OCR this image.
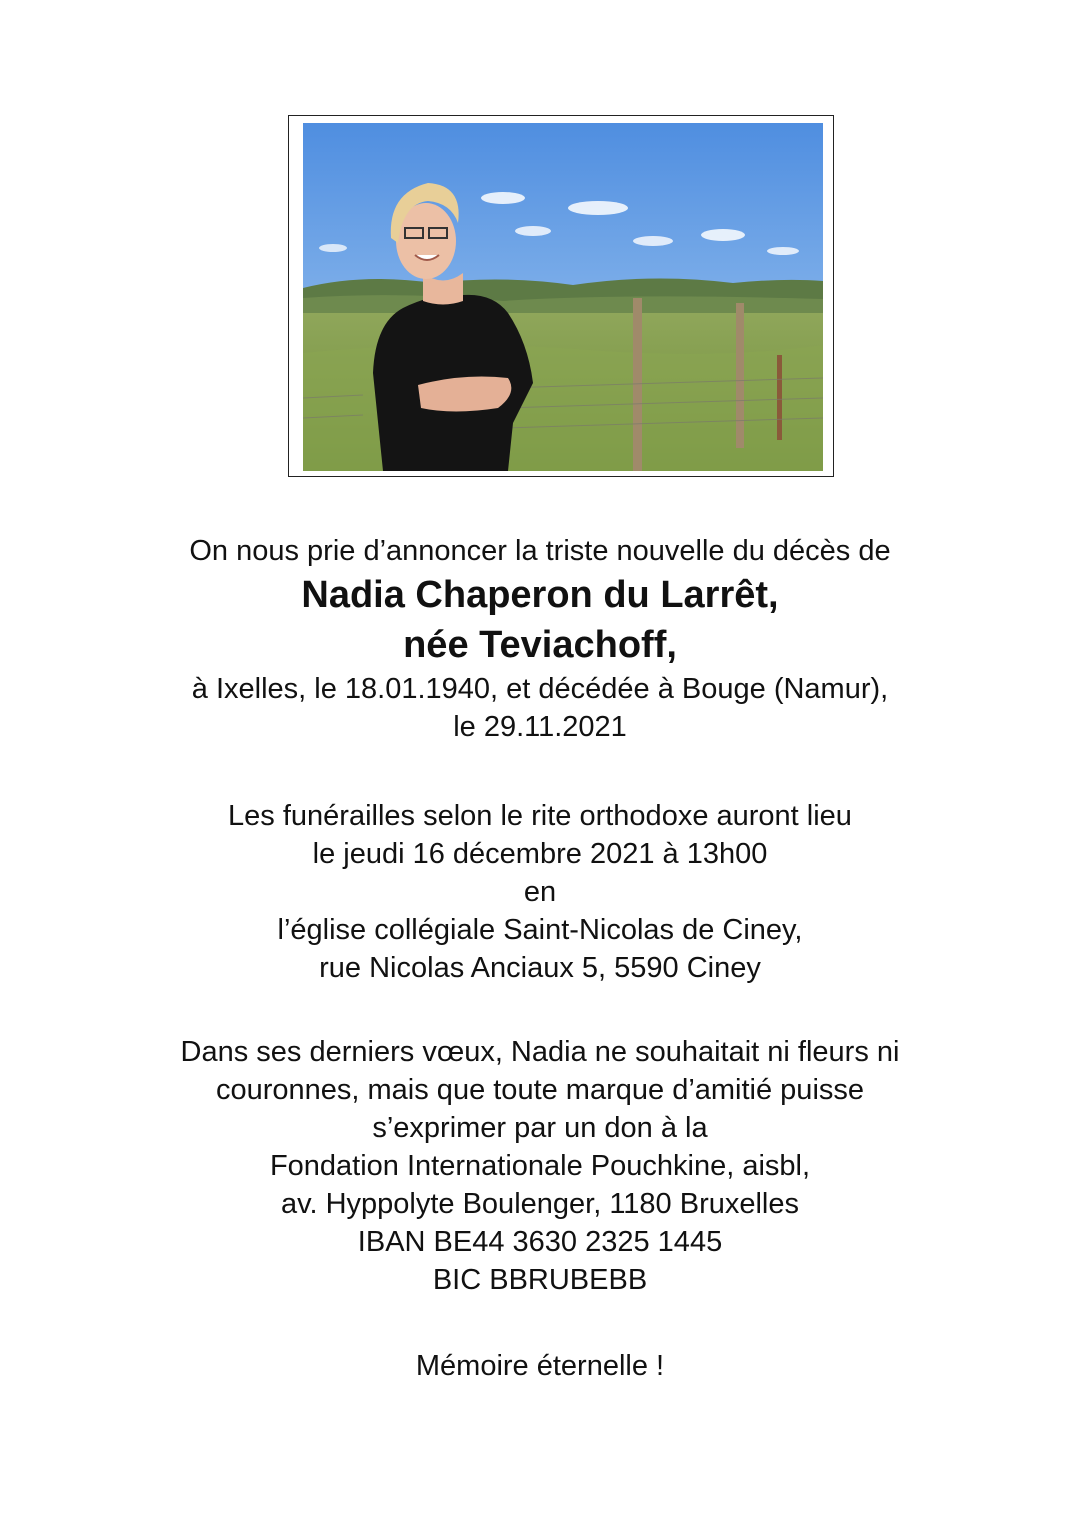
On nous prie d’annoncer la triste nouvelle du décès de
Nadia Chaperon du Larrêt,
née Teviachoff,
à Ixelles, le 18.01.1940, et décédée à Bouge (Namur),
le 29.11.2021
Les funérailles selon le rite orthodoxe auront lieu
le jeudi 16 décembre 2021 à 13h00
en
l’église collégiale Saint-Nicolas de Ciney,
rue Nicolas Anciaux 5, 5590 Ciney
Dans ses derniers vœux, Nadia ne souhaitait ni fleurs ni
couronnes, mais que toute marque d’amitié puisse
s’exprimer par un don à la
Fondation Internationale Pouchkine, aisbl,
av. Hyppolyte Boulenger, 1180 Bruxelles
IBAN BE44 3630 2325 1445
BIC BBRUBEBB
Mémoire éternelle !
